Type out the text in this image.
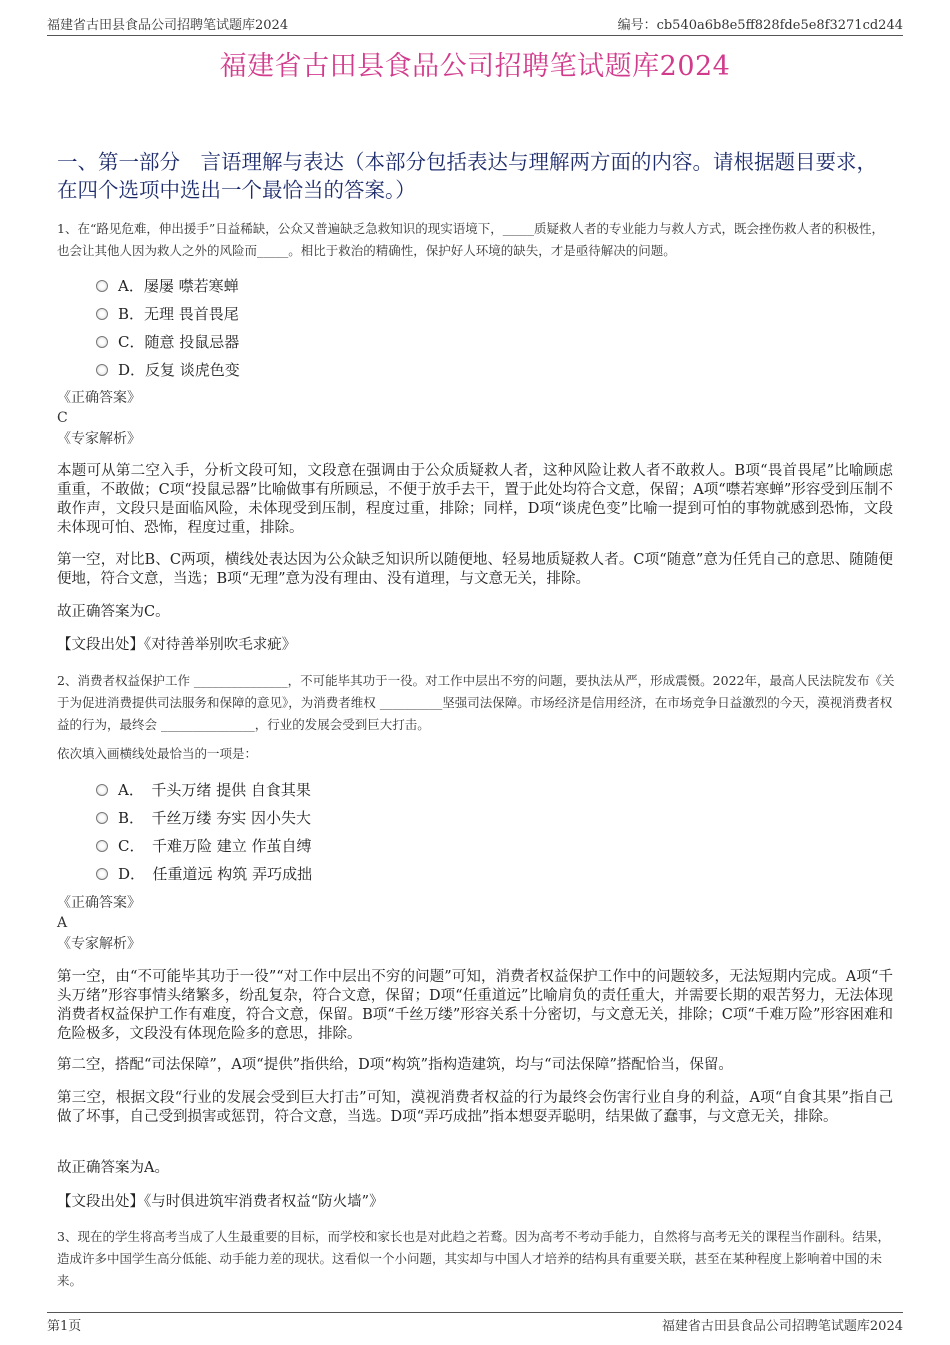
福建省古田县食品公司招聘笔试题库2024	编号：cb540a6b8e5ff828fde5e8f3271cd244
福建省古田县食品公司招聘笔试题库2024
一、第一部分　言语理解与表达（本部分包括表达与理解两方面的内容。请根据题目要求，在四个选项中选出一个最恰当的答案。）
1、在“路见危难，伸出援手”日益稀缺，公众又普遍缺乏急救知识的现实语境下，_____质疑救人者的专业能力与救人方式，既会挫伤救人者的积极性，也会让其他人因为救人之外的风险而_____。相比于救治的精确性，保护好人环境的缺失，才是亟待解决的问题。
A．屡屡 噤若寒蝉
B．无理 畏首畏尾
C．随意 投鼠忌器
D．反复 谈虎色变
《正确答案》
C
《专家解析》
本题可从第二空入手，分析文段可知，文段意在强调由于公众质疑救人者，这种风险让救人者不敢救人。B项“畏首畏尾”比喻顾虑重重，不敢做；C项“投鼠忌器”比喻做事有所顾忌，不便于放手去干，置于此处均符合文意，保留；A项“噤若寒蝉”形容受到压制不敢作声，文段只是面临风险，未体现受到压制，程度过重，排除；同样，D项“谈虎色变”比喻一提到可怕的事物就感到恐怖，文段未体现可怕、恐怖，程度过重，排除。
第一空，对比B、C两项，横线处表达因为公众缺乏知识所以随便地、轻易地质疑救人者。C项“随意”意为任凭自己的意思、随随便便地，符合文意，当选；B项“无理”意为没有理由、没有道理，与文意无关，排除。
故正确答案为C。
【文段出处】《对待善举别吹毛求疵》
2、消费者权益保护工作 _______________，不可能毕其功于一役。对工作中层出不穷的问题，要执法从严，形成震慑。2022年，最高人民法院发布《关于为促进消费提供司法服务和保障的意见》，为消费者维权 __________坚强司法保障。市场经济是信用经济，在市场竞争日益激烈的今天，漠视消费者权益的行为，最终会 _______________，行业的发展会受到巨大打击。
依次填入画横线处最恰当的一项是：
A．　千头万绪 提供 自食其果
B．　千丝万缕 夯实 因小失大
C．　千难万险 建立 作茧自缚
D．　任重道远 构筑 弄巧成拙
《正确答案》
A
《专家解析》
第一空，由“不可能毕其功于一役”“对工作中层出不穷的问题”可知，消费者权益保护工作中的问题较多，无法短期内完成。A项“千头万绪”形容事情头绪繁多，纷乱复杂，符合文意，保留；D项“任重道远”比喻肩负的责任重大，并需要长期的艰苦努力，无法体现消费者权益保护工作有难度，符合文意，保留。B项“千丝万缕”形容关系十分密切，与文意无关，排除；C项“千难万险”形容困难和危险极多，文段没有体现危险多的意思，排除。
第二空，搭配“司法保障”，A项“提供”指供给，D项“构筑”指构造建筑，均与“司法保障”搭配恰当，保留。
第三空，根据文段“行业的发展会受到巨大打击”可知，漠视消费者权益的行为最终会伤害行业自身的利益，A项“自食其果”指自己做了坏事，自己受到损害或惩罚，符合文意，当选。D项“弄巧成拙”指本想耍弄聪明，结果做了蠢事，与文意无关，排除。
故正确答案为A。
【文段出处】《与时俱进筑牢消费者权益“防火墙”》
3、现在的学生将高考当成了人生最重要的目标，而学校和家长也是对此趋之若鹜。因为高考不考动手能力，自然将与高考无关的课程当作副科。结果，造成许多中国学生高分低能、动手能力差的现状。这看似一个小问题，其实却与中国人才培养的结构具有重要关联，甚至在某种程度上影响着中国的未来。
第1页	福建省古田县食品公司招聘笔试题库2024
